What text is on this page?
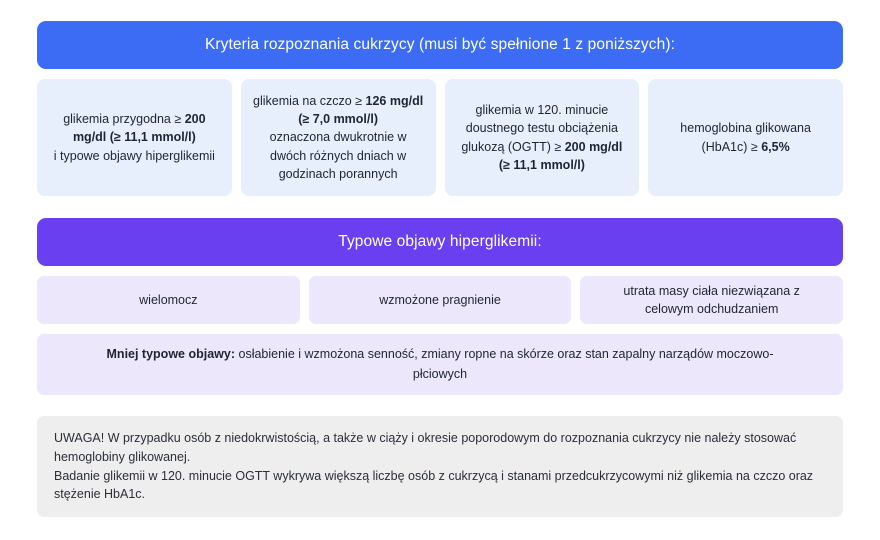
Kryteria rozpoznania cukrzycy (musi być spełnione 1 z poniższych):
glikemia przygodna ≥ 200 mg/dl (≥ 11,1 mmol/l)
i typowe objawy hiperglikemii
glikemia na czczo ≥ 126 mg/dl (≥ 7,0 mmol/l)
oznaczona dwukrotnie w dwóch różnych dniach w godzinach porannych
glikemia w 120. minucie doustnego testu obciążenia glukozą (OGTT) ≥ 200 mg/dl (≥ 11,1 mmol/l)
hemoglobina glikowana (HbA1c) ≥ 6,5%
Typowe objawy hiperglikemii:
wielomocz	wzmożone pragnienie
utrata masy ciała niezwiązana z celowym odchudzaniem
Mniej typowe objawy: osłabienie i wzmożona senność, zmiany ropne na skórze oraz stan zapalny narządów moczowo-płciowych

UWAGA! W przypadku osób z niedokrwistością, a także w ciąży i okresie poporodowym do rozpoznania cukrzycy nie należy stosować hemoglobiny glikowanej.

Badanie glikemii w 120. minucie OGTT wykrywa większą liczbę osób z cukrzycą i stanami przedcukrzycowymi niż glikemia na czczo oraz stężenie HbA1c.
